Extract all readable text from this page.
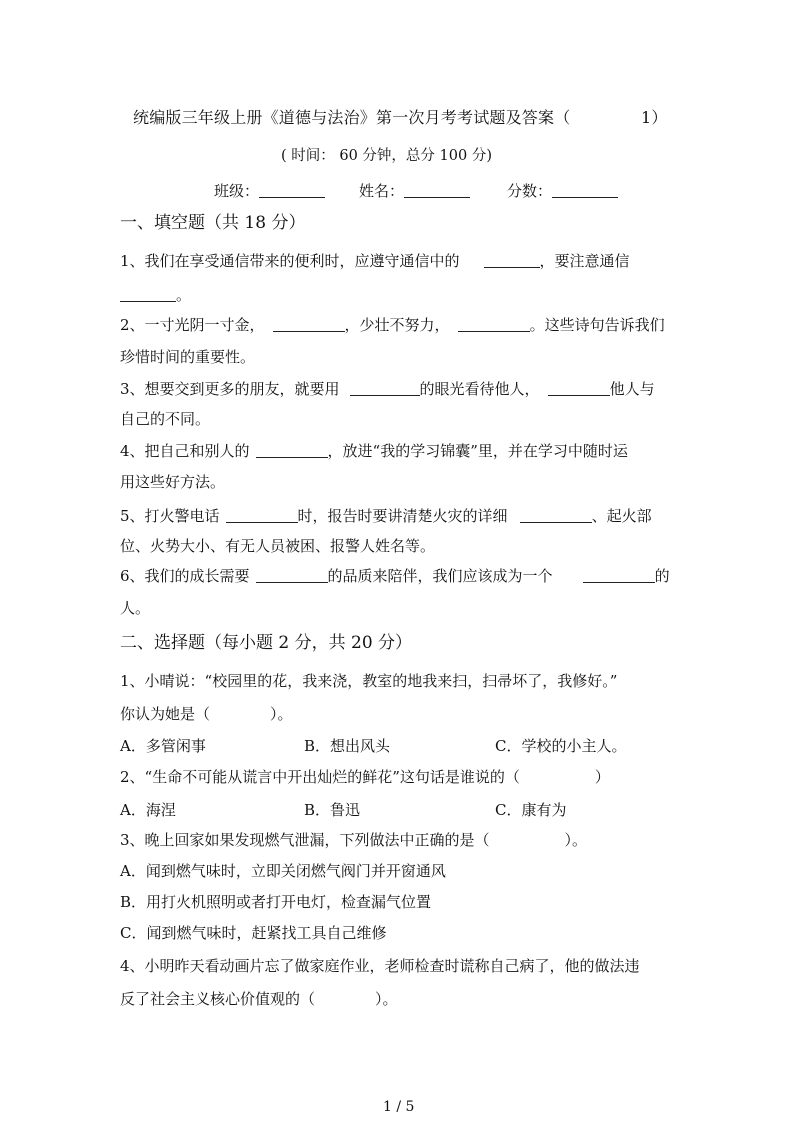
统编版三年级上册《道德与法治》第一次月考考试题及答案（	1）
( 时间： 60 分钟，总分 100 分)
班级：	姓名：	分数：
一、填空题（共 18 分）
1、我们在享受通信带来的便利时，应遵守通信中的	，要注意通信
。
2、一寸光阴一寸金，	，少壮不努力，	。这些诗句告诉我们
珍惜时间的重要性。
3、想要交到更多的朋友，就要用	的眼光看待他人，	他人与
自己的不同。
4、把自己和别人的	，放进“我的学习锦囊”里，并在学习中随时运
用这些好方法。
5、打火警电话	时，报告时要讲清楚火灾的详细	、起火部
位、火势大小、有无人员被困、报警人姓名等。
6、我们的成长需要	的品质来陪伴，我们应该成为一个	的
人。
二、选择题（每小题 2 分，共 20 分）
1、小晴说：“校园里的花，我来浇，教室的地我来扫，扫帚坏了，我修好。”
你认为她是（　　　　）。
A．多管闲事	B．想出风头	C．学校的小主人。
2、“生命不可能从谎言中开出灿烂的鲜花”这句话是谁说的（　　　　　）
A．海涅	B．鲁迅	C．康有为
3、晚上回家如果发现燃气泄漏，下列做法中正确的是（　　　　　）。
A．闻到燃气味时，立即关闭燃气阀门并开窗通风
B．用打火机照明或者打开电灯，检查漏气位置
C．闻到燃气味时，赶紧找工具自己维修
4、小明昨天看动画片忘了做家庭作业，老师检查时谎称自己病了，他的做法违
反了社会主义核心价值观的（　　　　）。
1 / 5
